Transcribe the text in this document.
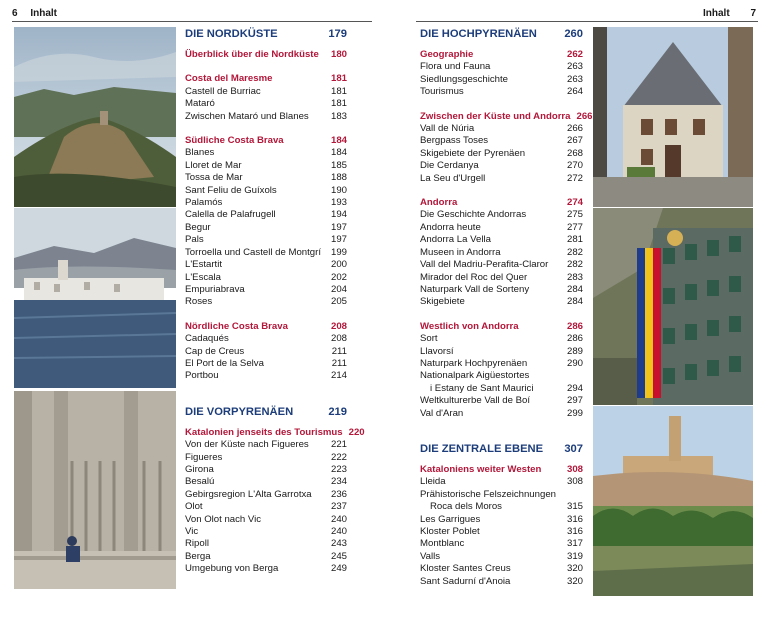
6 Inhalt	Inhalt 7
DIE NORDKÜSTE	179
Überblick über die Nordküste	180
Costa del Maresme	181
Castell de Burriac	181
Mataró	181
Zwischen Mataró und Blanes	183
Südliche Costa Brava	184
Blanes	184
Lloret de Mar	185
Tossa de Mar	188
Sant Feliu de Guíxols	190
Palamós	193
Calella de Palafrugell	194
Begur	197
Pals	197
Torroella und Castell de Montgrí	199
L'Estartit	200
L'Escala	202
Empuriabrava	204
Roses	205
Nördliche Costa Brava	208
Cadaqués	208
Cap de Creus	211
El Port de la Selva	211
Portbou	214
DIE VORPYRENÄEN	219
Katalonien jenseits des Tourismus 220
Von der Küste nach Figueres	221
Figueres	222
Girona	223
Besalú	234
Gebirgsregion L'Alta Garrotxa	236
Olot	237
Von Olot nach Vic	240
Vic	240
Ripoll	243
Berga	245
Umgebung von Berga	249
DIE HOCHPYRENÄEN	260
Geographie	262
Flora und Fauna	263
Siedlungsgeschichte	263
Tourismus	264
Zwischen der Küste und Andorra 266
Vall de Núria	266
Bergpass Toses	267
Skigebiete der Pyrenäen	268
Die Cerdanya	270
La Seu d'Urgell	272
Andorra	274
Die Geschichte Andorras	275
Andorra heute	277
Andorra La Vella	281
Museen in Andorra	282
Vall del Madriu-Perafita-Claror	282
Mirador del Roc del Quer	283
Naturpark Vall de Sorteny	284
Skigebiete	284
Westlich von Andorra	286
Sort	286
Llavorsí	289
Naturpark Hochpyrenäen	290
Nationalpark Aigüestortes
i Estany de Sant Maurici	294
Weltkulturerbe Vall de Boí	297
Val d'Aran	299
DIE ZENTRALE EBENE	307
Kataloniens weiter Westen	308
Lleida	308
Prähistorische Felszeichnungen
Roca dels Moros	315
Les Garrigues	316
Kloster Poblet	316
Montblanc	317
Valls	319
Kloster Santes Creus	320
Sant Sadurní d'Anoia	320
